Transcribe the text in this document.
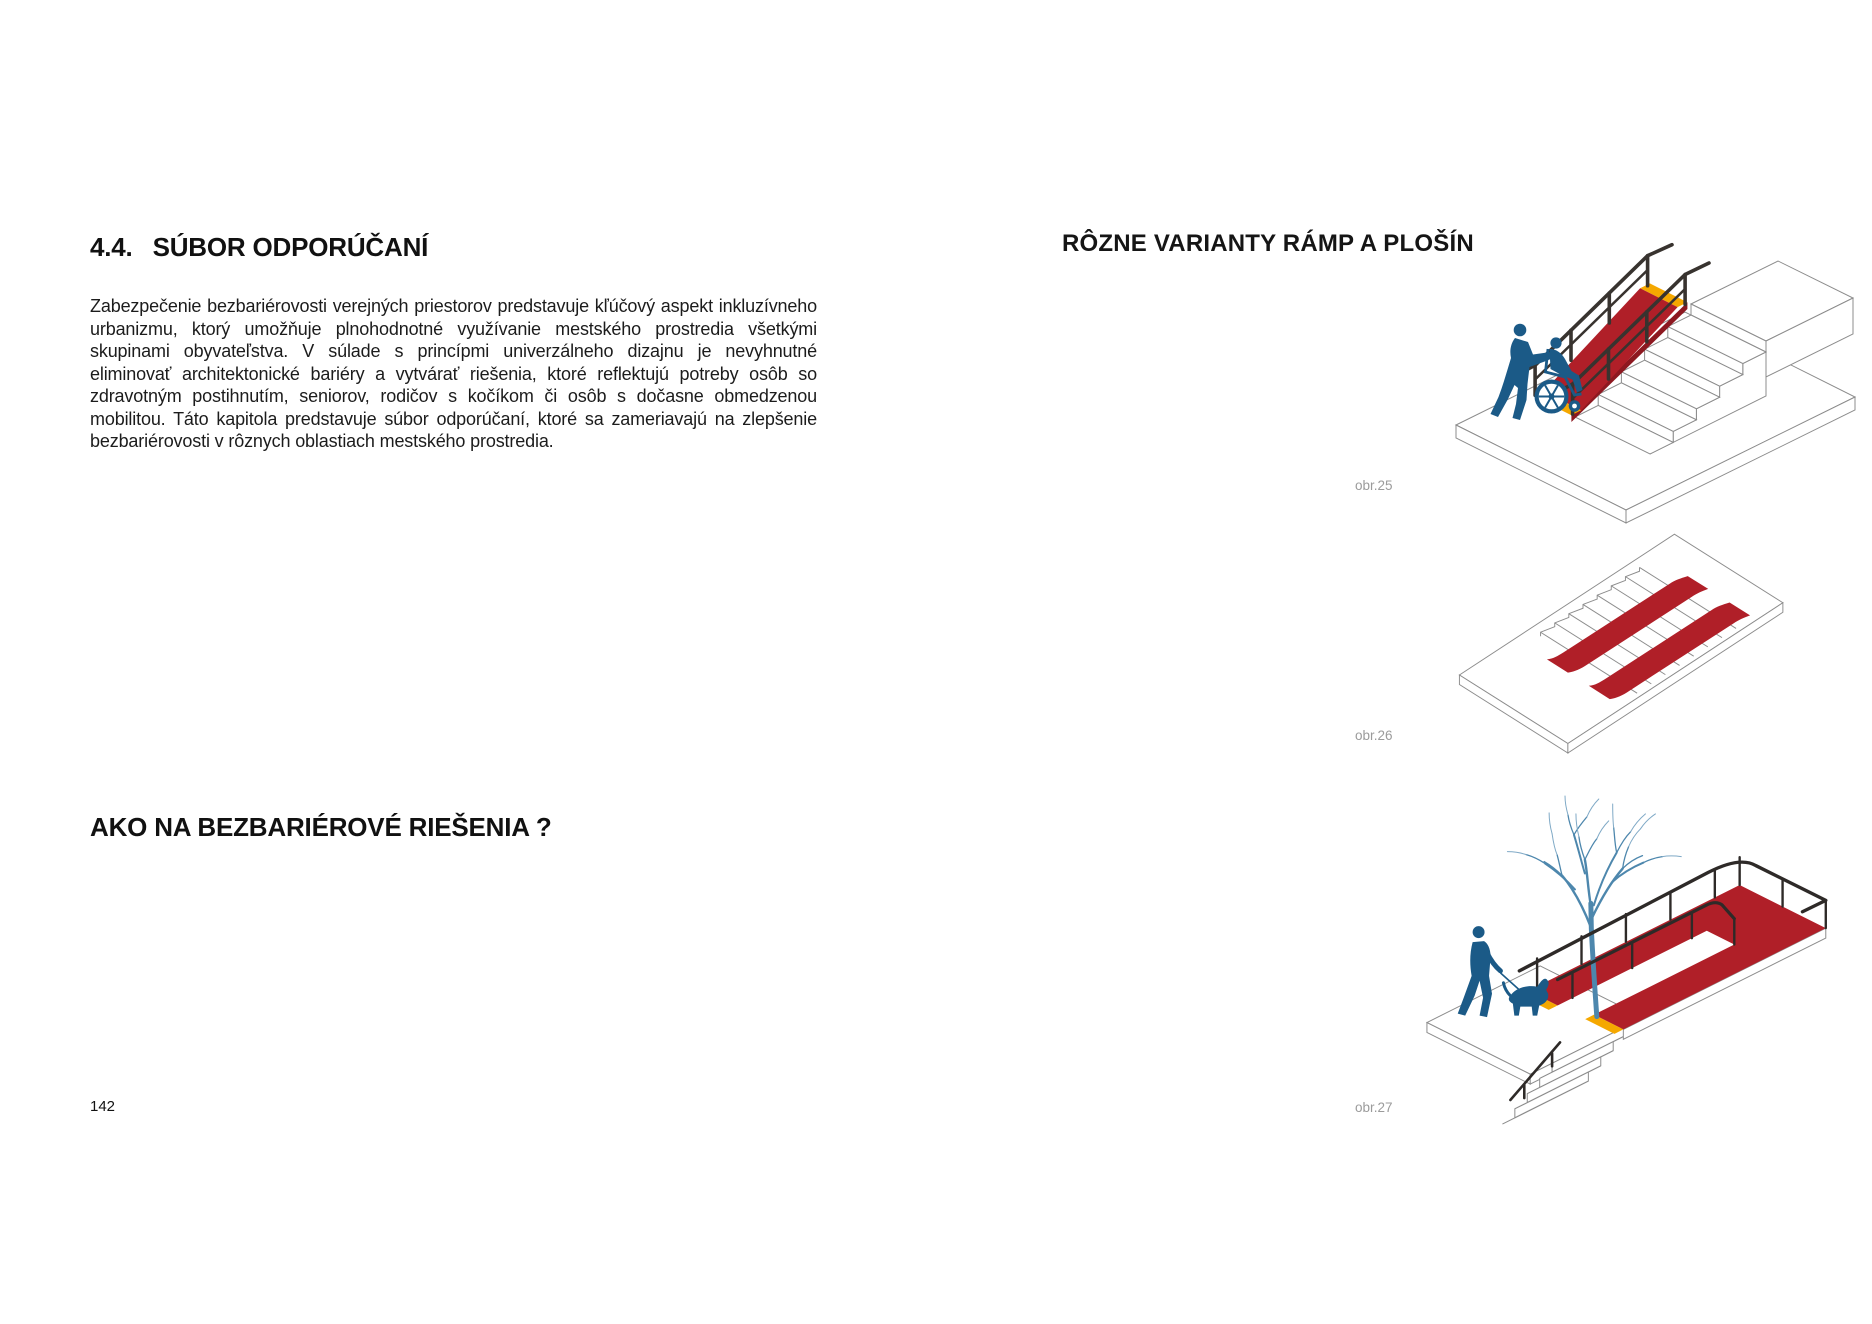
4.4. SÚBOR ODPORÚČANÍ

Zabezpečenie bezbariérovosti verejných priestorov predstavuje kľúčový aspekt inkluzívneho urbanizmu, ktorý umožňuje plnohodnotné využívanie mestského prostredia všetkými skupinami obyvateľstva. V súlade s princípmi univerzálneho dizajnu je nevyhnutné eliminovať architektonické bariéry a vytvárať riešenia, ktoré reflektujú potreby osôb so zdravotným postihnutím, seniorov, rodičov s kočíkom či osôb s dočasne obmedzenou mobilitou. Táto kapitola predstavuje súbor odporúčaní, ktoré sa zameriavajú na zlepšenie bezbariérovosti v rôznych oblastiach mestského prostredia.

AKO NA BEZBARIÉROVÉ RIEŠENIA ?
142
RÔZNE VARIANTY RÁMP A PLOŠÍN
obr.25
obr.26
obr.27
